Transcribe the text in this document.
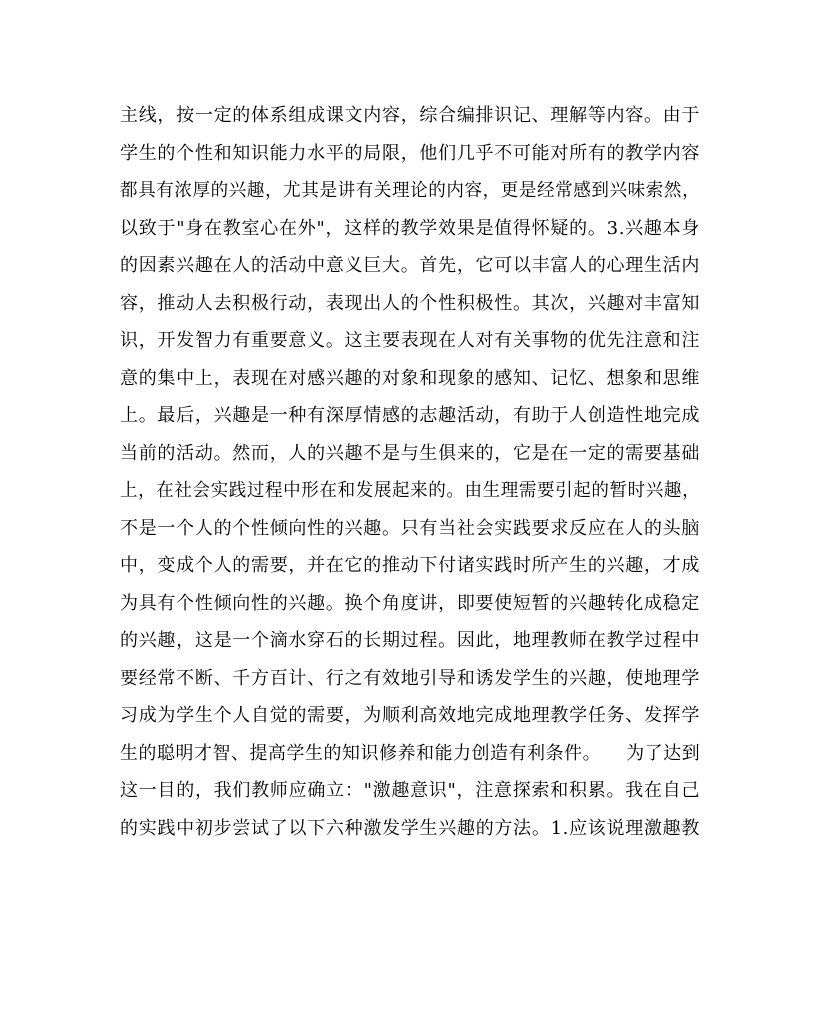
主线，按一定的体系组成课文内容，综合编排识记、理解等内容。由于
学生的个性和知识能力水平的局限，他们几乎不可能对所有的教学内容
都具有浓厚的兴趣，尤其是讲有关理论的内容，更是经常感到兴味索然，
以致于"身在教室心在外"，这样的教学效果是值得怀疑的。3.兴趣本身
的因素兴趣在人的活动中意义巨大。首先，它可以丰富人的心理生活内
容，推动人去积极行动，表现出人的个性积极性。其次，兴趣对丰富知
识，开发智力有重要意义。这主要表现在人对有关事物的优先注意和注
意的集中上，表现在对感兴趣的对象和现象的感知、记忆、想象和思维
上。最后，兴趣是一种有深厚情感的志趣活动，有助于人创造性地完成
当前的活动。然而，人的兴趣不是与生俱来的，它是在一定的需要基础
上，在社会实践过程中形在和发展起来的。由生理需要引起的暂时兴趣，
不是一个人的个性倾向性的兴趣。只有当社会实践要求反应在人的头脑
中，变成个人的需要，并在它的推动下付诸实践时所产生的兴趣，才成
为具有个性倾向性的兴趣。换个角度讲，即要使短暂的兴趣转化成稳定
的兴趣，这是一个滴水穿石的长期过程。因此，地理教师在教学过程中
要经常不断、千方百计、行之有效地引导和诱发学生的兴趣，使地理学
习成为学生个人自觉的需要，为顺利高效地完成地理教学任务、发挥学
生的聪明才智、提高学生的知识修养和能力创造有利条件。    为了达到
这一目的，我们教师应确立："激趣意识"，注意探索和积累。我在自己
的实践中初步尝试了以下六种激发学生兴趣的方法。1.应该说理激趣教
